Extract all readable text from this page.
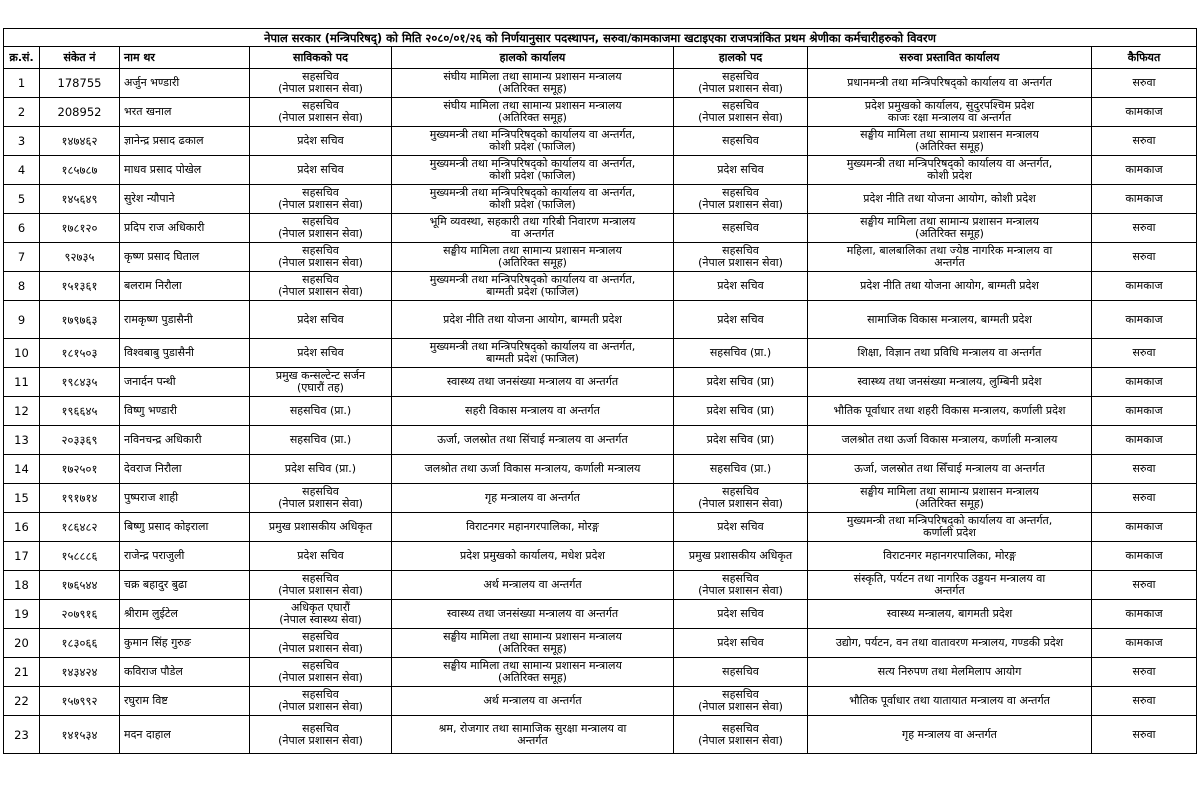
नेपाल सरकार (मन्त्रिपरिषद्) को मिति २०८०/०१/२६ को निर्णयानुसार पदस्थापन, सरुवा/कामकाजमा खटाइएका राजपत्रांकित प्रथम श्रेणीका कर्मचारीहरुको विवरण							
क्र.सं.	संकेत नं	नाम थर	साविकको पद	हालको कार्यालय	हालको पद	सरुवा प्रस्तावित कार्यालय	कैफियत

1	178755	अर्जुन भण्डारी	सहसचिव
(नेपाल प्रशासन सेवा)	संघीय मामिला तथा सामान्य प्रशासन मन्त्रालय
(अतिरिक्त समूह)	सहसचिव
(नेपाल प्रशासन सेवा)	प्रधानमन्त्री तथा मन्त्रिपरिषद्को कार्यालय वा अन्तर्गत	सरुवा

2	208952	भरत खनाल	सहसचिव
(नेपाल प्रशासन सेवा)	संघीय मामिला तथा सामान्य प्रशासन मन्त्रालय
(अतिरिक्त समूह)	सहसचिव
(नेपाल प्रशासन सेवा)	प्रदेश प्रमुखको कार्यालय, सुदुरपश्चिम प्रदेश
काजः रक्षा मन्त्रालय वा अन्तर्गत	कामकाज

3	१४७४६२	ज्ञानेन्द्र प्रसाद ढकाल	प्रदेश सचिव	मुख्यमन्त्री तथा मन्त्रिपरिषद्को कार्यालय वा अन्तर्गत,
कोशी प्रदेश (फाजिल)	सहसचिव	सङ्घीय मामिला तथा सामान्य प्रशासन मन्त्रालय
(अतिरिक्त समूह)	सरुवा

4	१८५७८७	माधव प्रसाद पोखेल	प्रदेश सचिव	मुख्यमन्त्री तथा मन्त्रिपरिषद्को कार्यालय वा अन्तर्गत,
कोशी प्रदेश (फाजिल)	प्रदेश सचिव	मुख्यमन्त्री तथा मन्त्रिपरिषद्को कार्यालय वा अन्तर्गत,
कोशी प्रदेश	कामकाज

5	१४५६४९	सुरेश न्यौपाने	सहसचिव
(नेपाल प्रशासन सेवा)	मुख्यमन्त्री तथा मन्त्रिपरिषद्को कार्यालय वा अन्तर्गत,
कोशी प्रदेश (फाजिल)	सहसचिव
(नेपाल प्रशासन सेवा)	प्रदेश नीति तथा योजना आयोग, कोशी प्रदेश	कामकाज

6	१७८१२०	प्रदिप राज अधिकारी	सहसचिव
(नेपाल प्रशासन सेवा)	भूमि व्यवस्था, सहकारी तथा गरिबी निवारण मन्त्रालय
वा अन्तर्गत	सहसचिव	सङ्घीय मामिला तथा सामान्य प्रशासन मन्त्रालय
(अतिरिक्त समूह)	सरुवा

7	९२७३५	कृष्ण प्रसाद घिताल	सहसचिव
(नेपाल प्रशासन सेवा)	सङ्घीय मामिला तथा सामान्य प्रशासन मन्त्रालय
(अतिरिक्त समूह)	सहसचिव
(नेपाल प्रशासन सेवा)	महिला, बालबालिका तथा ज्येष्ठ नागरिक मन्त्रालय वा
अन्तर्गत	सरुवा

8	१५१३६१	बलराम निरौला	सहसचिव
(नेपाल प्रशासन सेवा)	मुख्यमन्त्री तथा मन्त्रिपरिषद्को कार्यालय वा अन्तर्गत,
बाग्मती प्रदेश (फाजिल)	प्रदेश सचिव	प्रदेश नीति तथा योजना आयोग, बाग्मती प्रदेश	कामकाज

9	१७९७६३	रामकृष्ण पुडासैनी	प्रदेश सचिव	प्रदेश नीति तथा योजना आयोग, बाग्मती प्रदेश	प्रदेश सचिव	सामाजिक विकास मन्त्रालय, बाग्मती प्रदेश	कामकाज

10	१८१५०३	विश्वबाबु पुडासैनी	प्रदेश सचिव	मुख्यमन्त्री तथा मन्त्रिपरिषद्को कार्यालय वा अन्तर्गत,
बाग्मती प्रदेश (फाजिल)	सहसचिव (प्रा.)	शिक्षा, विज्ञान तथा प्रविधि मन्त्रालय वा अन्तर्गत	सरुवा

11	१९८४३५	जनार्दन पन्थी	प्रमुख कन्सल्टेन्ट सर्जन
(एघारौं तह)	स्वास्थ्य तथा जनसंख्या मन्त्रालय वा अन्तर्गत	प्रदेश सचिव (प्रा)	स्वास्थ्य तथा जनसंख्या मन्त्रालय, लुम्बिनी प्रदेश	कामकाज

12	१९६६४५	विष्णु भण्डारी	सहसचिव (प्रा.)	सहरी विकास मन्त्रालय वा अन्तर्गत	प्रदेश सचिव (प्रा)	भौतिक पूर्वाधार तथा शहरी विकास मन्त्रालय, कर्णाली प्रदेश	कामकाज

13	२०३३६९	नविनचन्द्र अधिकारी	सहसचिव (प्रा.)	ऊर्जा, जलस्रोत तथा सिंचाई मन्त्रालय वा अन्तर्गत	प्रदेश सचिव (प्रा)	जलश्रोत तथा ऊर्जा विकास मन्त्रालय, कर्णाली मन्त्रालय	कामकाज

14	१७२५०१	देवराज निरौला	प्रदेश सचिव (प्रा.)	जलश्रोत तथा ऊर्जा विकास मन्त्रालय, कर्णाली मन्त्रालय	सहसचिव (प्रा.)	ऊर्जा, जलस्रोत तथा सिँचाई मन्त्रालय वा अन्तर्गत	सरुवा

15	१९१७१४	पुष्पराज शाही	सहसचिव
(नेपाल प्रशासन सेवा)	गृह मन्त्रालय वा अन्तर्गत	सहसचिव
(नेपाल प्रशासन सेवा)	सङ्घीय मामिला तथा सामान्य प्रशासन मन्त्रालय
(अतिरिक्त समूह)	सरुवा

16	१८६४८२	बिष्णु प्रसाद कोइराला	प्रमुख प्रशासकीय अधिकृत	विराटनगर महानगरपालिका, मोरङ्ग	प्रदेश सचिव	मुख्यमन्त्री तथा मन्त्रिपरिषद्को कार्यालय वा अन्तर्गत,
कर्णाली प्रदेश	कामकाज

17	१५८८८६	राजेन्द्र पराजुली	प्रदेश सचिव	प्रदेश प्रमुखको कार्यालय, मधेश प्रदेश	प्रमुख प्रशासकीय अधिकृत	विराटनगर महानगरपालिका, मोरङ्ग	कामकाज

18	१७६५४४	चक्र बहादुर बुढा	सहसचिव
(नेपाल प्रशासन सेवा)	अर्थ मन्त्रालय वा अन्तर्गत	सहसचिव
(नेपाल प्रशासन सेवा)	संस्कृति, पर्यटन तथा नागरिक उड्डयन मन्त्रालय वा
अन्तर्गत	सरुवा

19	२०७९१६	श्रीराम लुईटेल	अधिकृत एघारौं
(नेपाल स्वास्थ्य सेवा)	स्वास्थ्य तथा जनसंख्या मन्त्रालय वा अन्तर्गत	प्रदेश सचिव	स्वास्थ्य मन्त्रालय, बागमती प्रदेश	कामकाज

20	१८३०६६	कुमान सिंह गुरुङ	सहसचिव
(नेपाल प्रशासन सेवा)	सङ्घीय मामिला तथा सामान्य प्रशासन मन्त्रालय
(अतिरिक्त समूह)	प्रदेश सचिव	उद्योग, पर्यटन, वन तथा वातावरण मन्त्रालय, गण्डकी प्रदेश	कामकाज

21	१४३४२४	कविराज पौडेल	सहसचिव
(नेपाल प्रशासन सेवा)	सङ्घीय मामिला तथा सामान्य प्रशासन मन्त्रालय
(अतिरिक्त समूह)	सहसचिव	सत्य निरुपण तथा मेलमिलाप आयोग	सरुवा

22	१५७९९२	रघुराम विष्ट	सहसचिव
(नेपाल प्रशासन सेवा)	अर्थ मन्त्रालय वा अन्तर्गत	सहसचिव
(नेपाल प्रशासन सेवा)	भौतिक पूर्वाधार तथा यातायात मन्त्रालय वा अन्तर्गत	सरुवा

23	१४१५३४	मदन दाहाल	सहसचिव
(नेपाल प्रशासन सेवा)	श्रम, रोजगार तथा सामाजिक सुरक्षा मन्त्रालय वा
अन्तर्गत	सहसचिव
(नेपाल प्रशासन सेवा)	गृह मन्त्रालय वा अन्तर्गत	सरुवा
